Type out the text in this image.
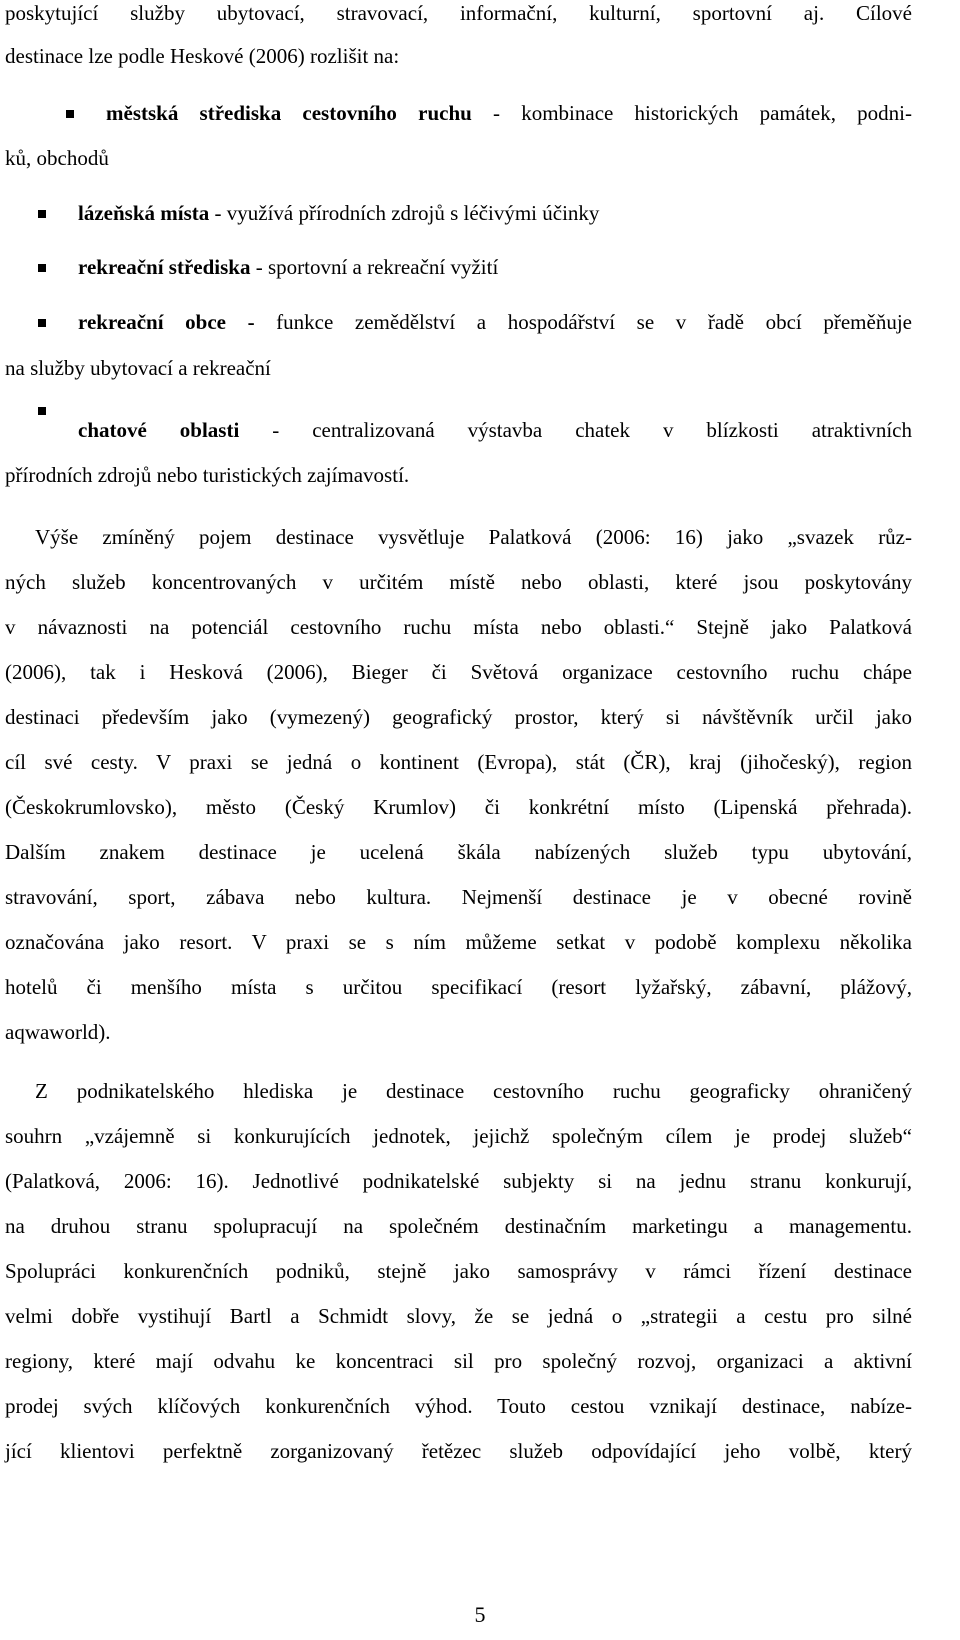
poskytující služby ubytovací, stravovací, informační, kulturní, sportovní aj. Cílové
destinace lze podle Heskové (2006) rozlišit na:
městská střediska cestovního ruchu - kombinace historických památek, podni-
ků, obchodů
lázeňská místa - využívá přírodních zdrojů s léčivými účinky
rekreační střediska - sportovní a rekreační vyžití
rekreační obce - funkce zemědělství a hospodářství se v řadě obcí přeměňuje
na služby ubytovací a rekreační
chatové oblasti - centralizovaná výstavba chatek v blízkosti atraktivních
přírodních zdrojů nebo turistických zajímavostí.
Výše zmíněný pojem destinace vysvětluje Palatková (2006: 16) jako „svazek růz-
ných služeb koncentrovaných v určitém místě nebo oblasti, které jsou poskytovány
v návaznosti na potenciál cestovního ruchu místa nebo oblasti.“ Stejně jako Palatková
(2006), tak i Hesková (2006), Bieger či Světová organizace cestovního ruchu chápe
destinaci především jako (vymezený) geografický prostor, který si návštěvník určil jako
cíl své cesty. V praxi se jedná o kontinent (Evropa), stát (ČR), kraj (jihočeský), region
(Českokrumlovsko), město (Český Krumlov) či konkrétní místo (Lipenská přehrada).
Dalším znakem destinace je ucelená škála nabízených služeb typu ubytování,
stravování, sport, zábava nebo kultura. Nejmenší destinace je v obecné rovině
označována jako resort. V praxi se s ním můžeme setkat v podobě komplexu několika
hotelů či menšího místa s určitou specifikací (resort lyžařský, zábavní, plážový,
aqwaworld).
Z podnikatelského hlediska je destinace cestovního ruchu geograficky ohraničený
souhrn „vzájemně si konkurujících jednotek, jejichž společným cílem je prodej služeb“
(Palatková, 2006: 16). Jednotlivé podnikatelské subjekty si na jednu stranu konkurují,
na druhou stranu spolupracují na společném destinačním marketingu a managementu.
Spolupráci konkurenčních podniků, stejně jako samosprávy v rámci řízení destinace
velmi dobře vystihují Bartl a Schmidt slovy, že se jedná o „strategii a cestu pro silné
regiony, které mají odvahu ke koncentraci sil pro společný rozvoj, organizaci a aktivní
prodej svých klíčových konkurenčních výhod. Touto cestou vznikají destinace, nabíze-
jící klientovi perfektně zorganizovaný řetězec služeb odpovídající jeho volbě, který
5
